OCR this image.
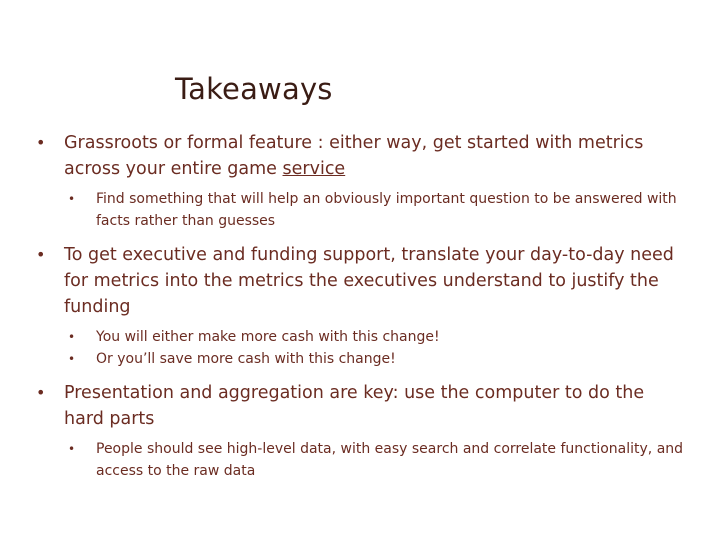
Takeaways
• Grassroots or formal feature : either way, get started with metrics across your entire game service
• Find something that will help an obviously important question to be answered with facts rather than guesses
• To get executive and funding support, translate your day-to-day need for metrics into the metrics the executives understand to justify the funding
• You will either make more cash with this change!
• Or you’ll save more cash with this change!
• Presentation and aggregation are key: use the computer to do the hard parts
• People should see high-level data, with easy search and correlate functionality, and access to the raw data
